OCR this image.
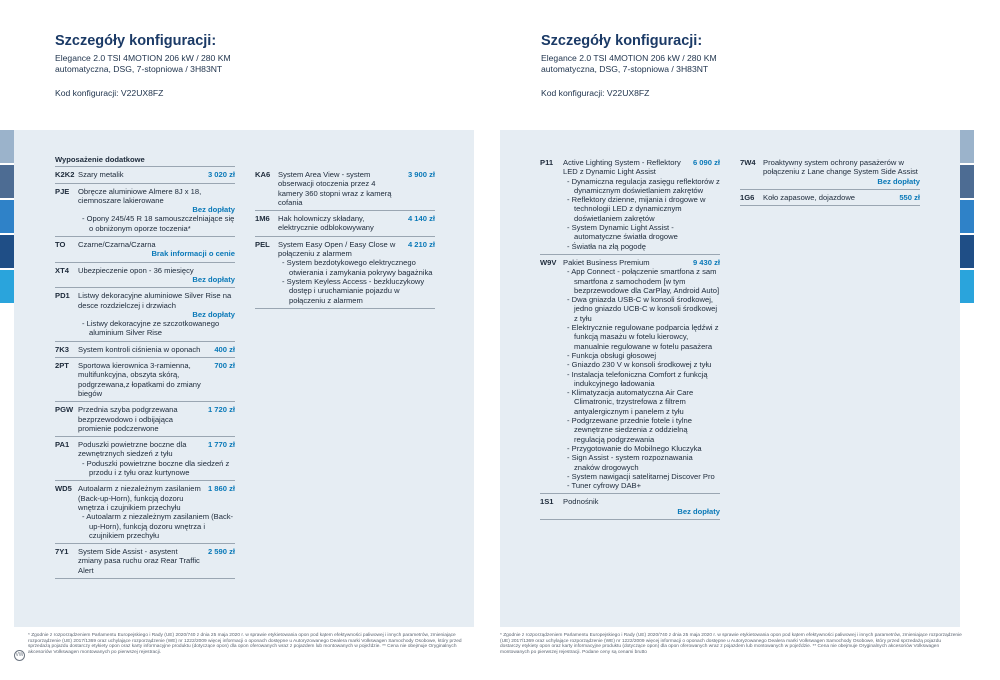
Szczegóły konfiguracji:
Elegance 2.0 TSI 4MOTION 206 kW / 280 KM automatyczna, DSG, 7-stopniowa / 3H83NT
Kod konfiguracji: V22UX8FZ
Wyposażenie dodatkowe
K2K2 Szary metalik	3 020 zł
PJE	Obręcze aluminiowe Almere 8J x 18, ciemnoszare lakierowane
Bez dopłaty
- Opony 245/45 R 18 samouszczelniające się o obniżonym oporze toczenia*
TO	Czarne/Czarna/Czarna
Brak informacji o cenie
XT4	Ubezpieczenie opon - 36 miesięcy
Bez dopłaty
PD1	Listwy dekoracyjne aluminiowe Silver Rise na desce rozdzielczej i drzwiach
Bez dopłaty
- Listwy dekoracyjne ze szczotkowanego aluminium Silver Rise
7K3	System kontroli ciśnienia w oponach	400 zł
2PT	Sportowa kierownica 3-ramienna, multifunkcyjna, obszyta skórą, podgrzewana,z łopatkami do zmiany biegów
700 zł
PGW Przednia szyba podgrzewana bezprzewodowo i odbijająca promienie podczerwone
1 720 zł
PA1	Poduszki powietrzne boczne dla zewnętrznych siedzeń z tyłu
1 770 zł
- Poduszki powietrzne boczne dla siedzeń z przodu i z tyłu oraz kurtynowe
WD5 Autoalarm z niezależnym zasilaniem (Back-up-Horn), funkcją dozoru wnętrza i czujnikiem przechyłu
1 860 zł
- Autoalarm z niezależnym zasilaniem (Back-up-Horn), funkcją dozoru wnętrza i czujnikiem przechyłu
7Y1	System Side Assist - asystent zmiany pasa ruchu oraz Rear Traffic Alert
2 590 zł
KA6	System Area View - system obserwacji otoczenia przez 4 kamery 360 stopni wraz z kamerą cofania
3 900 zł
1M6	Hak holowniczy składany, elektrycznie odblokowywany
4 140 zł
PEL	System Easy Open / Easy Close w połączeniu z alarmem
4 210 zł
- System bezdotykowego elektrycznego otwierania i zamykania pokrywy bagażnika
- System Keyless Access - bezkluczykowy dostęp i uruchamianie pojazdu w połączeniu z alarmem
VW
* Zgodnie z rozporządzeniem Parlamentu Europejskiego i Rady (UE) 2020/740 z dnia 25 maja 2020 r. w sprawie etykietowania opon pod kątem efektywności paliwowej i innych parametrów, zmieniające rozporządzenie (UE) 2017/1369 oraz uchylające rozporządzenie (WE) nr 1222/2009 więcej informacji o oponach dostępne u Autoryzowanego Dealera marki Volkswagen Samochody Osobowe, który przed sprzedażą pojazdu dostarczy etykiety opon oraz karty informacyjne produktu (dotyczące opon) dla opon oferowanych wraz z pojazdem lub montowanych w pojeździe. ** Cena nie obejmuje Oryginalnych akcesoriów Volkswagen montowanych po pierwszej rejestracji.
Szczegóły konfiguracji:
Elegance 2.0 TSI 4MOTION 206 kW / 280 KM automatyczna, DSG, 7-stopniowa / 3H83NT
Kod konfiguracji: V22UX8FZ
P11	Active Lighting System - Reflektory LED z Dynamic Light Assist
6 090 zł
- Dynamiczna regulacja zasięgu reflektorów z dynamicznym doświetlaniem zakrętów
- Reflektory dzienne, mijania i drogowe w technologii LED z dynamicznym doświetlaniem zakrętów
- System Dynamic Light Assist - automatyczne światła drogowe
- Światła na złą pogodę
W9V Pakiet Business Premium	9 430 zł
- App Connect - połączenie smartfona z sam smartfona z samochodem [w tym bezprzewodowe dla CarPlay, Android Auto]
- Dwa gniazda USB-C w konsoli środkowej, jedno gniazdo UCB-C w konsoli środkowej z tyłu
- Elektrycznie regulowane podparcia lędźwi z funkcją masażu w fotelu kierowcy, manualnie regulowane w fotelu pasażera
- Funkcja obsługi głosowej
- Gniazdo 230 V w konsoli środkowej z tyłu
- Instalacja telefoniczna Comfort z funkcją indukcyjnego ładowania
- Klimatyzacja automatyczna Air Care Climatronic, trzystrefowa z filtrem antyalergicznym i panelem z tyłu
- Podgrzewane przednie fotele i tylne zewnętrzne siedzenia z oddzielną regulacją podgrzewania
- Przygotowanie do Mobilnego Kluczyka
- Sign Assist - system rozpoznawania znaków drogowych
- System nawigacji satelitarnej Discover Pro
- Tuner cyfrowy DAB+
1S1	Podnośnik
Bez dopłaty
7W4 Proaktywny system ochrony pasażerów w połączeniu z Lane change System Side Assist
Bez dopłaty
1G6	Koło zapasowe, dojazdowe	550 zł
* Zgodnie z rozporządzeniem Parlamentu Europejskiego i Rady (UE) 2020/740 z dnia 25 maja 2020 r. w sprawie etykietowania opon pod kątem efektywności paliwowej i innych parametrów, zmieniające rozporządzenie (UE) 2017/1369 oraz uchylające rozporządzenie (WE) nr 1222/2009 więcej informacji o oponach dostępne u Autoryzowanego Dealera marki Volkswagen Samochody Osobowe, który przed sprzedażą pojazdu dostarczy etykiety opon oraz karty informacyjne produktu (dotyczące opon) dla opon oferowanych wraz z pojazdem lub montowanych w pojeździe. ** Cena nie obejmuje Oryginalnych akcesoriów Volkswagen montowanych po pierwszej rejestracji. Podane ceny są cenami brutto
